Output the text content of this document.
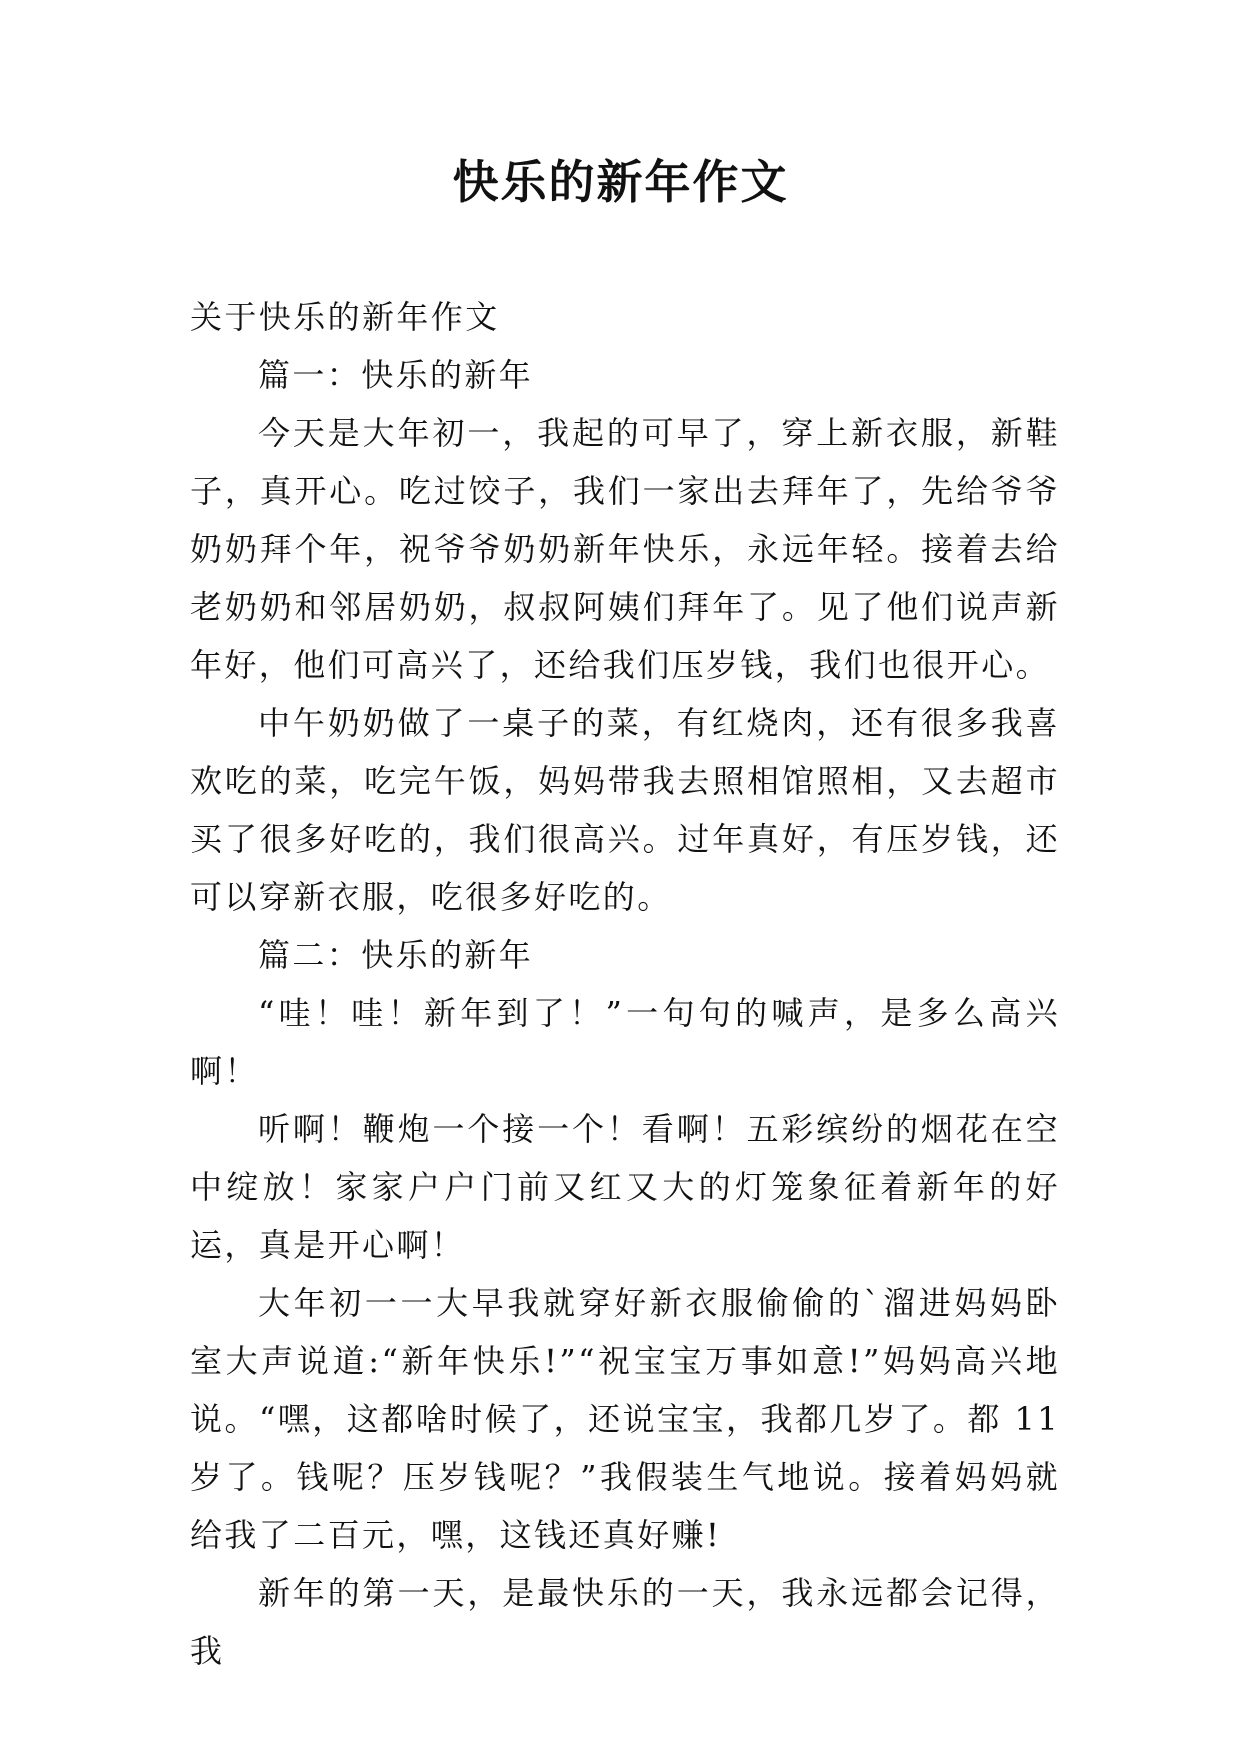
快乐的新年作文

关于快乐的新年作文

篇一：快乐的新年

今天是大年初一，我起的可早了，穿上新衣服，新鞋子，真开心。吃过饺子，我们一家出去拜年了，先给爷爷奶奶拜个年，祝爷爷奶奶新年快乐，永远年轻。接着去给老奶奶和邻居奶奶，叔叔阿姨们拜年了。见了他们说声新年好，他们可高兴了，还给我们压岁钱，我们也很开心。

中午奶奶做了一桌子的菜，有红烧肉，还有很多我喜欢吃的菜，吃完午饭，妈妈带我去照相馆照相，又去超市买了很多好吃的，我们很高兴。过年真好，有压岁钱，还可以穿新衣服，吃很多好吃的。

篇二：快乐的新年

“哇！哇！新年到了！”一句句的喊声，是多么高兴啊！

听啊！鞭炮一个接一个！看啊！五彩缤纷的烟花在空中绽放！家家户户门前又红又大的灯笼象征着新年的好运，真是开心啊！

大年初一一大早我就穿好新衣服偷偷的`溜进妈妈卧室大声说道:“新年快乐!”“祝宝宝万事如意!”妈妈高兴地说。“嘿，这都啥时候了，还说宝宝，我都几岁了。都 11 岁了。钱呢？压岁钱呢？”我假装生气地说。接着妈妈就给我了二百元，嘿，这钱还真好赚!

新年的第一天，是最快乐的一天，我永远都会记得，我
